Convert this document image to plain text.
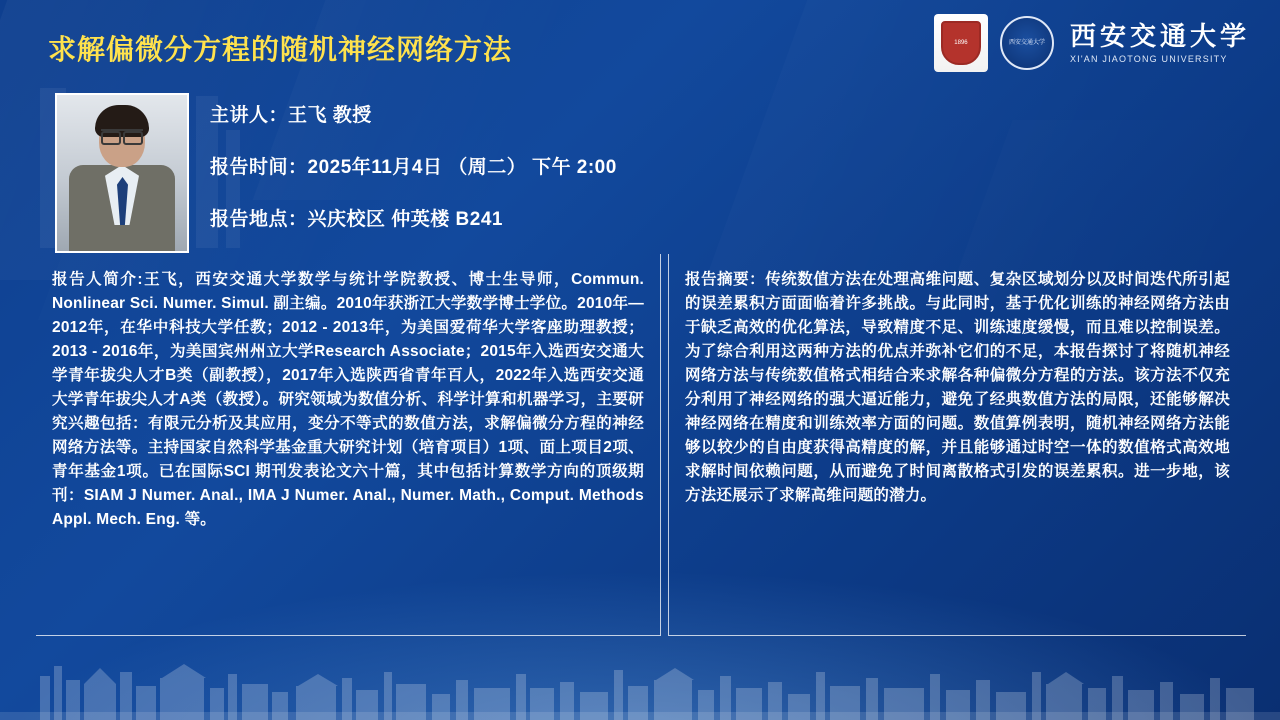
求解偏微分方程的随机神经网络方法	1896	西安交通大学 西安交通大学
XI'AN JIAOTONG UNIVERSITY
主讲人：王飞 教授
报告时间：2025年11月4日 （周二） 下午 2:00
报告地点：兴庆校区 仲英楼 B241
报告人简介:王飞，西安交通大学数学与统计学院教授、博士生导师，Commun. Nonlinear Sci. Numer. Simul. 副主编。2010年获浙江大学数学博士学位。2010年—2012年，在华中科技大学任教；2012 - 2013年，为美国爱荷华大学客座助理教授；2013 - 2016年，为美国宾州州立大学Research Associate；2015年入选西安交通大学青年拔尖人才B类（副教授），2017年入选陕西省青年百人，2022年入选西安交通大学青年拔尖人才A类（教授）。研究领域为数值分析、科学计算和机器学习，主要研究兴趣包括：有限元分析及其应用，变分不等式的数值方法，求解偏微分方程的神经网络方法等。主持国家自然科学基金重大研究计划（培育项目）1项、面上项目2项、青年基金1项。已在国际SCI 期刊发表论文六十篇，其中包括计算数学方向的顶级期刊：SIAM J Numer. Anal., IMA J Numer. Anal., Numer. Math., Comput. Methods Appl. Mech. Eng. 等。
报告摘要：传统数值方法在处理高维问题、复杂区域划分以及时间迭代所引起的误差累积方面面临着许多挑战。与此同时，基于优化训练的神经网络方法由于缺乏高效的优化算法，导致精度不足、训练速度缓慢，而且难以控制误差。为了综合利用这两种方法的优点并弥补它们的不足，本报告探讨了将随机神经网络方法与传统数值格式相结合来求解各种偏微分方程的方法。该方法不仅充分利用了神经网络的强大逼近能力，避免了经典数值方法的局限，还能够解决神经网络在精度和训练效率方面的问题。数值算例表明，随机神经网络方法能够以较少的自由度获得高精度的解，并且能够通过时空一体的数值格式高效地求解时间依赖问题，从而避免了时间离散格式引发的误差累积。进一步地，该方法还展示了求解高维问题的潜力。
